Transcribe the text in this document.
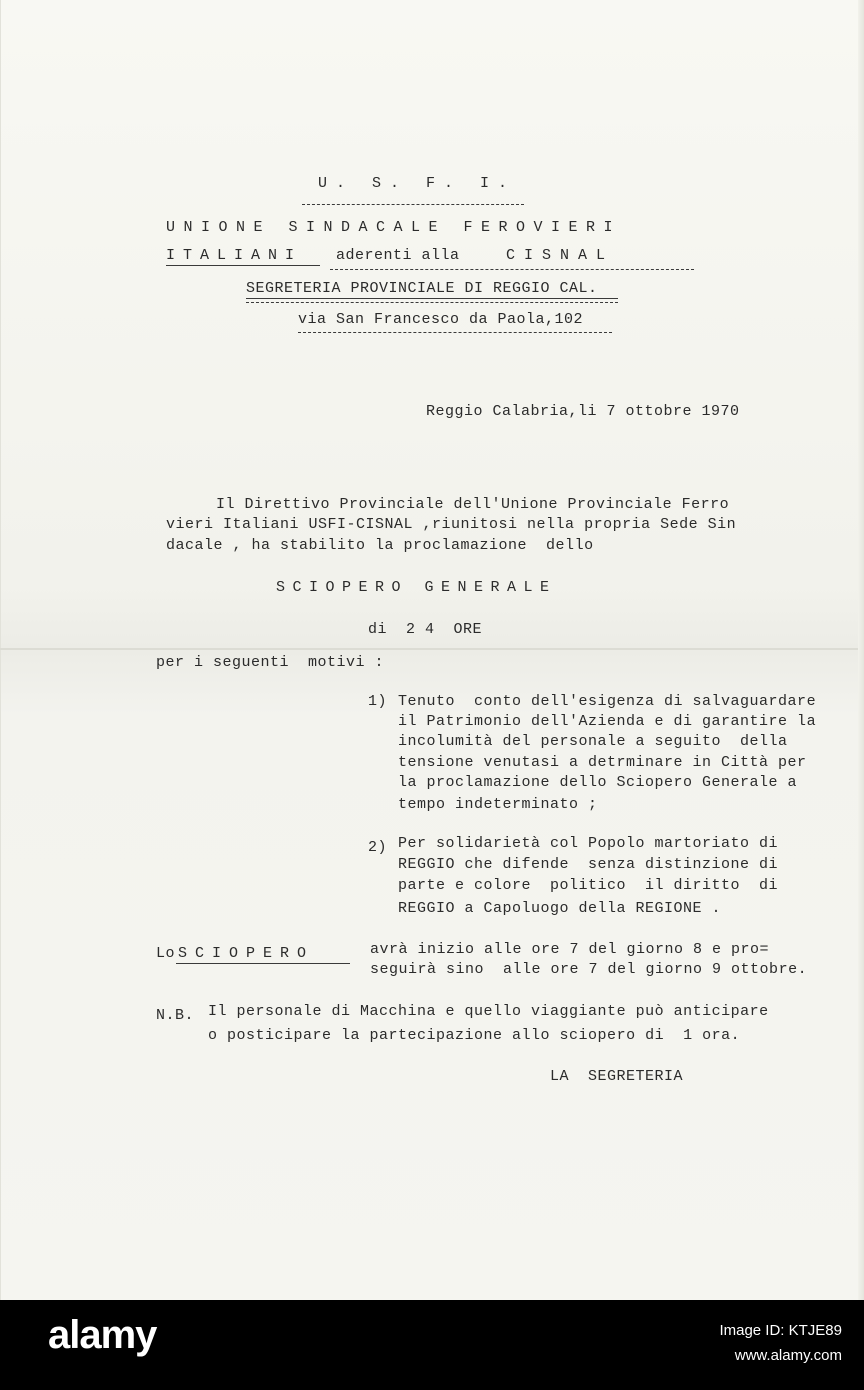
U. S. F. I.
UNIONE SINDACALE FEROVIERI
ITALIANI aderenti alla	CISNAL
SEGRETERIA PROVINCIALE DI REGGIO CAL.
via San Francesco da Paola,102
Reggio Calabria,li 7 ottobre 1970
Il Direttivo Provinciale dell'Unione Provinciale Ferro
vieri Italiani USFI-CISNAL ,riunitosi nella propria Sede Sin
dacale , ha stabilito la proclamazione  dello
SCIOPERO GENERALE
di  2 4  ORE
per i seguenti  motivi :
1) Tenuto  conto dell'esigenza di salvaguardare
il Patrimonio dell'Azienda e di garantire la
incolumità del personale a seguito  della
tensione venutasi a detrminare in Città per
la proclamazione dello Sciopero Generale a
tempo indeterminato ;
2) Per solidarietà col Popolo martoriato di
REGGIO che difende  senza distinzione di
parte e colore  politico  il diritto  di
REGGIO a Capoluogo della REGIONE .
Lo SCIOPERO	avrà inizio alle ore 7 del giorno 8 e pro=
seguirà sino  alle ore 7 del giorno 9 ottobre.
N.B. Il personale di Macchina e quello viaggiante può anticipare
o posticipare la partecipazione allo sciopero di  1 ora.
LA  SEGRETERIA
alamy	Image ID: KTJE89
www.alamy.com
